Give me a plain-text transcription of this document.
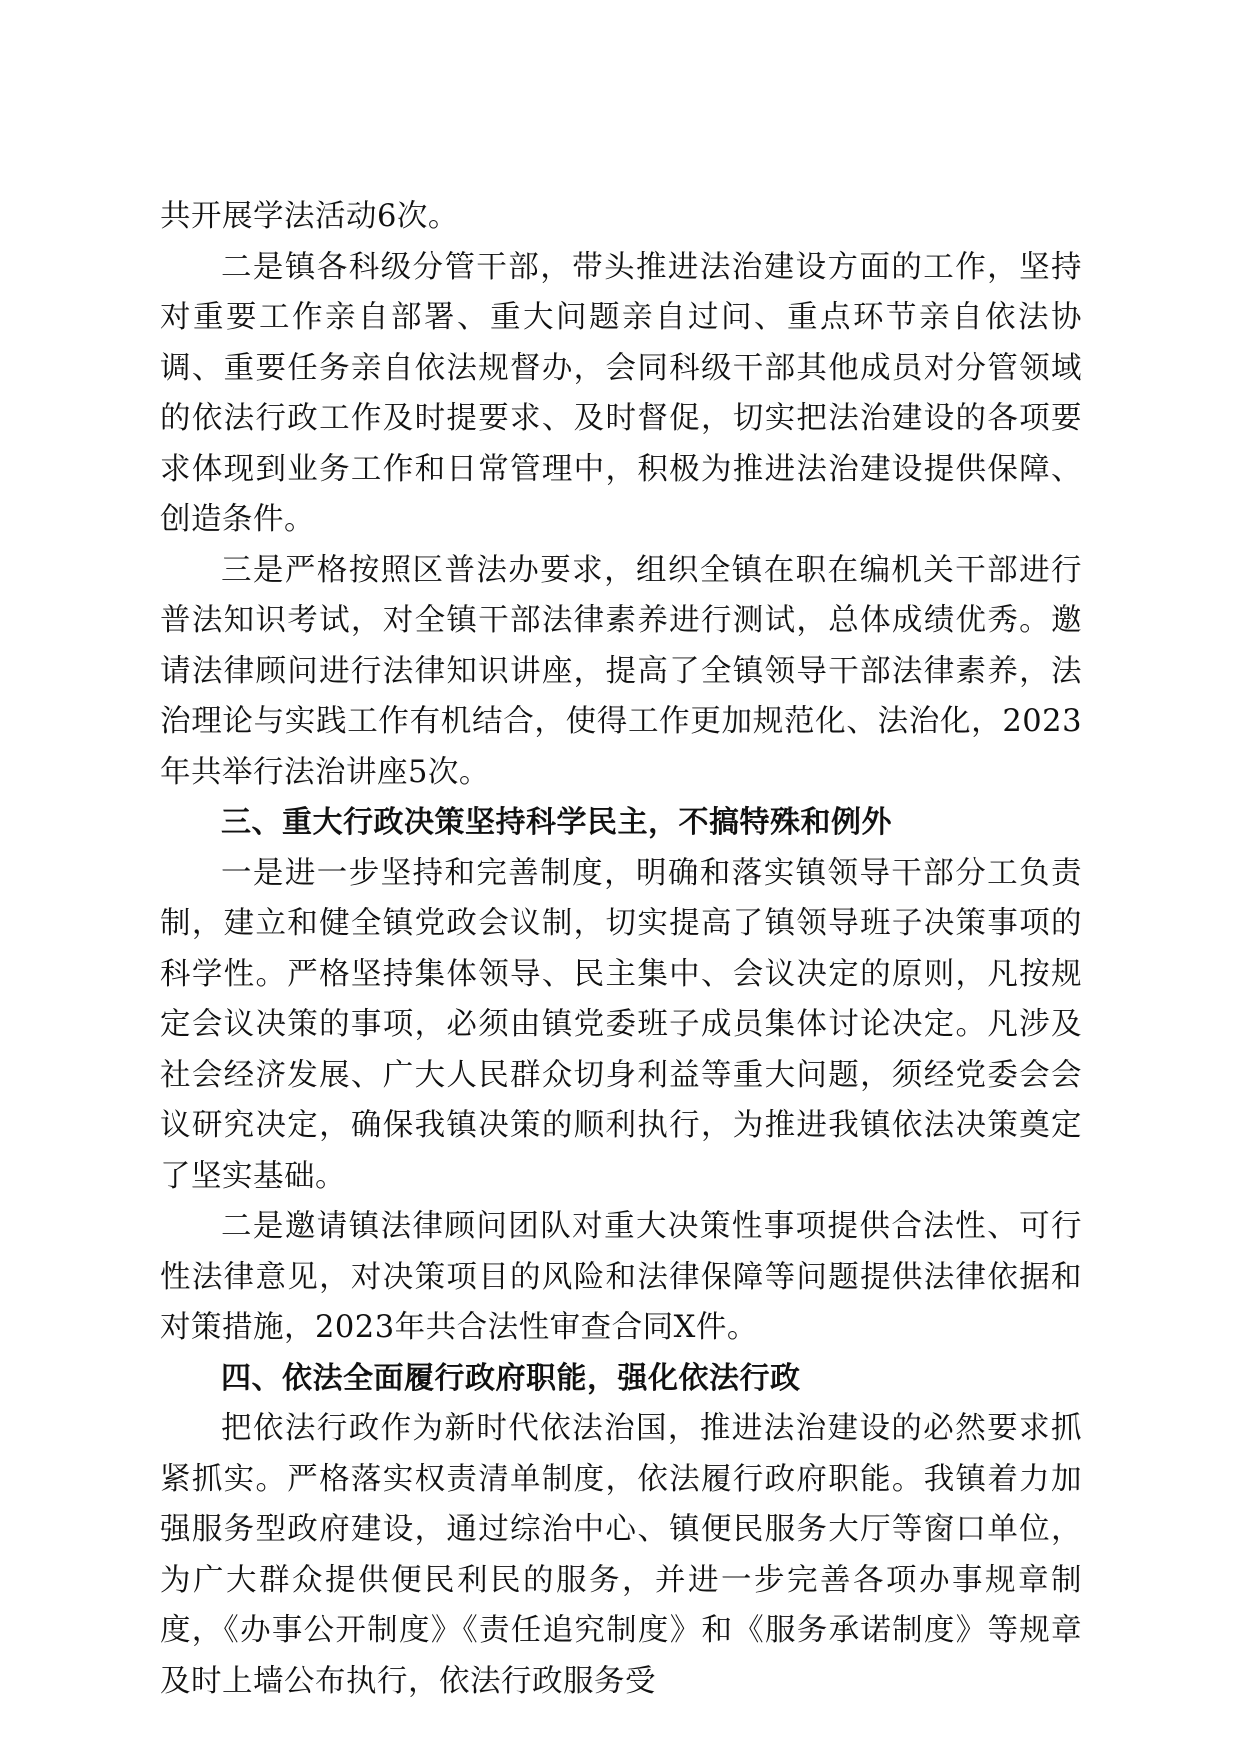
共开展学法活动6次。

二是镇各科级分管干部，带头推进法治建设方面的工作，坚持对重要工作亲自部署、重大问题亲自过问、重点环节亲自依法协调、重要任务亲自依法规督办，会同科级干部其他成员对分管领域的依法行政工作及时提要求、及时督促，切实把法治建设的各项要求体现到业务工作和日常管理中，积极为推进法治建设提供保障、创造条件。

三是严格按照区普法办要求，组织全镇在职在编机关干部进行普法知识考试，对全镇干部法律素养进行测试，总体成绩优秀。邀请法律顾问进行法律知识讲座，提高了全镇领导干部法律素养，法治理论与实践工作有机结合，使得工作更加规范化、法治化，2023年共举行法治讲座5次。

三、重大行政决策坚持科学民主，不搞特殊和例外

一是进一步坚持和完善制度，明确和落实镇领导干部分工负责制，建立和健全镇党政会议制，切实提高了镇领导班子决策事项的科学性。严格坚持集体领导、民主集中、会议决定的原则，凡按规定会议决策的事项，必须由镇党委班子成员集体讨论决定。凡涉及社会经济发展、广大人民群众切身利益等重大问题，须经党委会会议研究决定，确保我镇决策的顺利执行，为推进我镇依法决策奠定了坚实基础。

二是邀请镇法律顾问团队对重大决策性事项提供合法性、可行性法律意见，对决策项目的风险和法律保障等问题提供法律依据和对策措施，2023年共合法性审查合同X件。

四、依法全面履行政府职能，强化依法行政

把依法行政作为新时代依法治国，推进法治建设的必然要求抓紧抓实。严格落实权责清单制度，依法履行政府职能。我镇着力加强服务型政府建设，通过综治中心、镇便民服务大厅等窗口单位，为广大群众提供便民利民的服务，并进一步完善各项办事规章制度，《办事公开制度》《责任追究制度》和《服务承诺制度》等规章及时上墙公布执行，依法行政服务受
